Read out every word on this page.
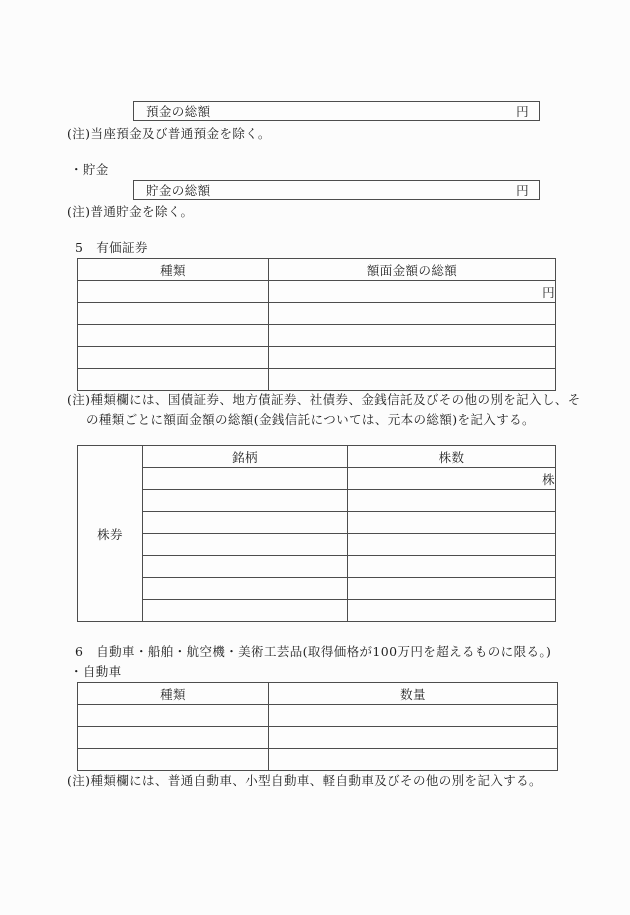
預金の総額	円
(注)当座預金及び普通預金を除く。
・貯金
貯金の総額	円
(注)普通貯金を除く。
5　有価証券
種類	額面金額の総額
	円

(注)種類欄には、国債証券、地方債証券、社債券、金銭信託及びその他の別を記入し、そ
の種類ごとに額面金額の総額(金銭信託については、元本の総額)を記入する。
株券	銘柄	株数
		株

6　自動車・船舶・航空機・美術工芸品(取得価格が100万円を超えるものに限る。)
・自動車
種類	数量

(注)種類欄には、普通自動車、小型自動車、軽自動車及びその他の別を記入する。
